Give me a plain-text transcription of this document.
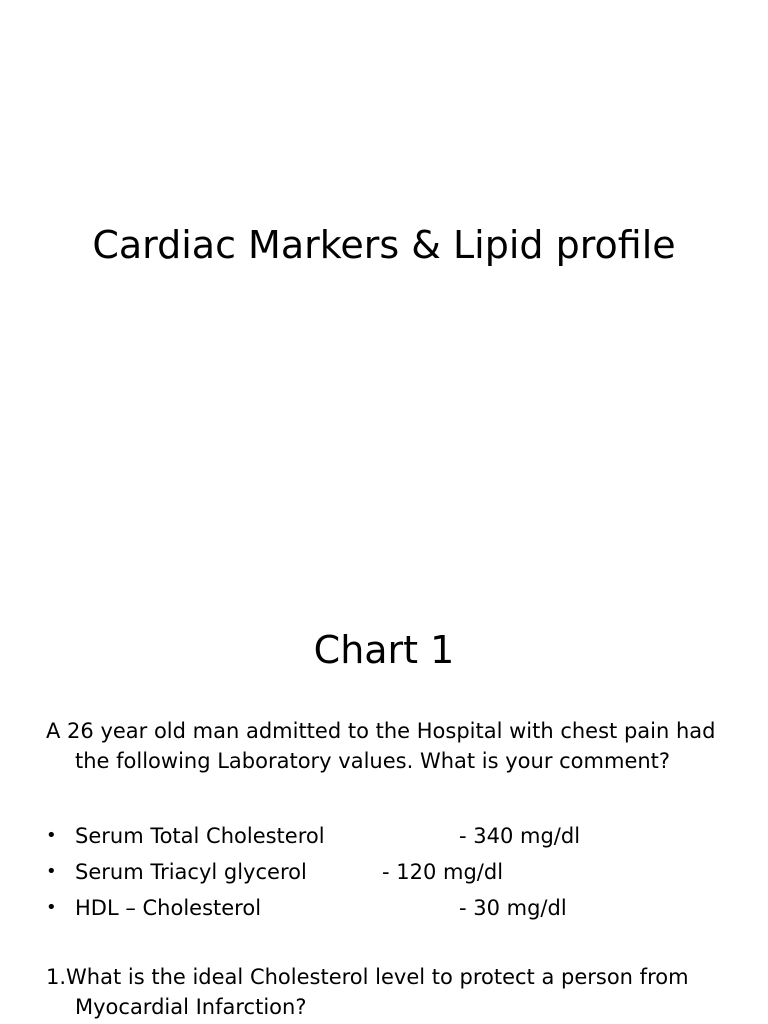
Cardiac Markers & Lipid profile
Chart 1
A 26 year old man admitted to the Hospital with chest pain had
the following Laboratory values. What is your comment?
• Serum Total Cholesterol	- 340 mg/dl
• Serum Triacyl glycerol	- 120 mg/dl
• HDL – Cholesterol	- 30 mg/dl
1.What is the ideal Cholesterol level to protect a person from
Myocardial Infarction?
